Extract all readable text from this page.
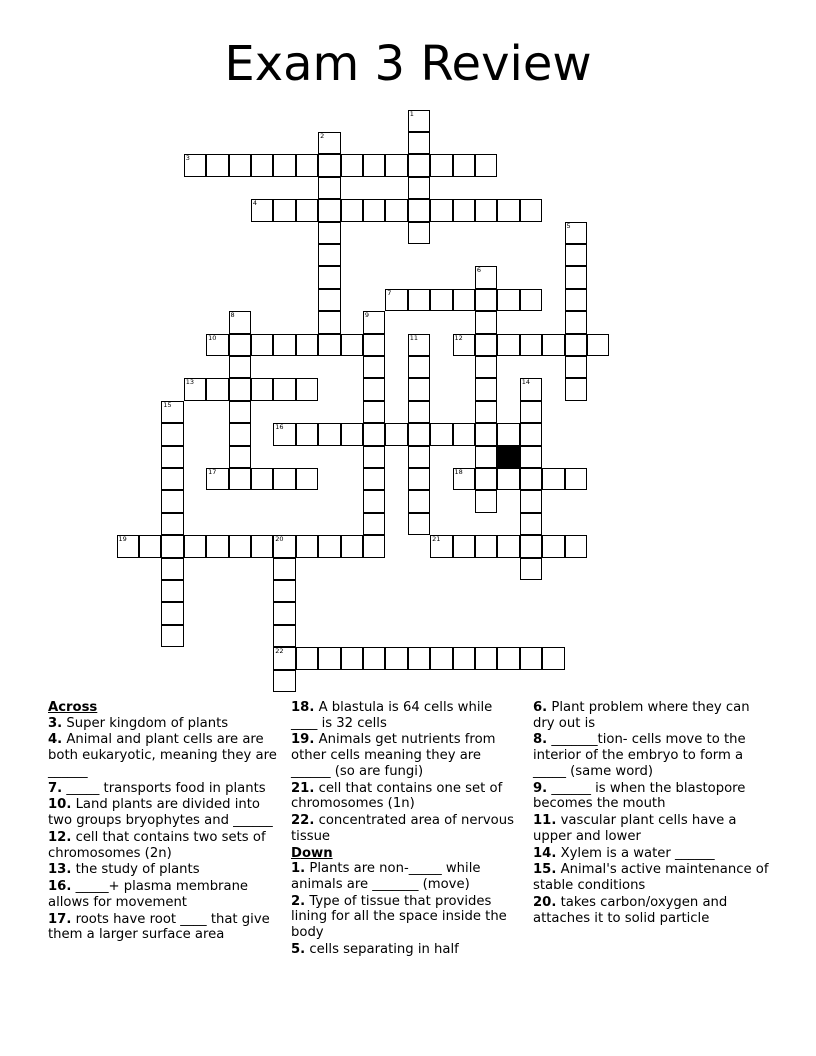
Exam 3 Review
1
2
3
4
5
6
7
8	9
10	11	12
13	14
15
16
17	18
19	20
22
21
Across
3. Super kingdom of plants
4. Animal and plant cells are are both eukaryotic, meaning they are ______
7. _____ transports food in plants
10. Land plants are divided into two groups bryophytes and ______
12. cell that contains two sets of chromosomes (2n)
13. the study of plants
16. _____+ plasma membrane allows for movement
17. roots have root ____ that give them a larger surface area
18. A blastula is 64 cells while ____ is 32 cells
19. Animals get nutrients from other cells meaning they are ______ (so are fungi)
21. cell that contains one set of chromosomes (1n)
22. concentrated area of nervous tissue
Down
1. Plants are non-_____ while animals are _______ (move)
2. Type of tissue that provides lining for all the space inside the body
5. cells separating in half
6. Plant problem where they can dry out is
8. _______tion- cells move to the interior of the embryo to form a _____ (same word)
9. ______ is when the blastopore becomes the mouth
11. vascular plant cells have a upper and lower
14. Xylem is a water ______
15. Animal's active maintenance of stable conditions
20. takes carbon/oxygen and attaches it to solid particle
